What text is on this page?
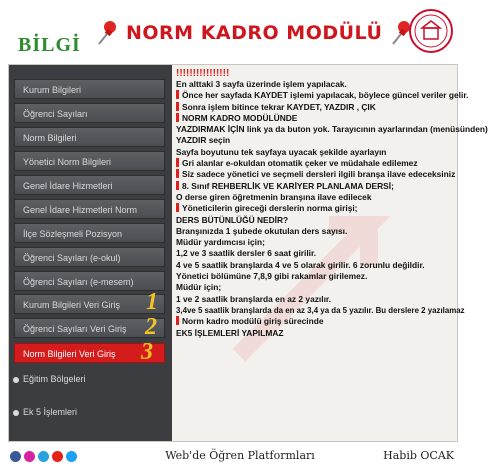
BİLGİ
NORM KADRO MODÜLÜ
Kurum Bilgileri
Öğrenci Sayıları
Norm Bilgileri
Yönetici Norm Bilgileri
Genel İdare Hizmetleri
Genel İdare Hizmetleri Norm
İlçe Sözleşmeli Pozisyon
Öğrenci Sayıları (e-okul)
Öğrenci Sayıları (e-mesem)
Kurum Bilgileri Veri Giriş
Öğrenci Sayıları Veri Giriş
Norm Bilgileri Veri Giriş
Eğitim Bölgeleri
Ek 5 İşlemleri
1
2
3
!!!!!!!!!!!!!!!!
En alttaki 3 sayfa üzerinde işlem yapılacak.
Önce her sayfada KAYDET işlemi yapılacak, böylece güncel veriler gelir.
Sonra işlem bitince tekrar KAYDET, YAZDIR , ÇIK
NORM KADRO MODÜLÜNDE
YAZDIRMAK İÇİN link ya da buton yok. Tarayıcının ayarlarından (menüsünden)
YAZDIR seçin
Sayfa boyutunu tek sayfaya uyacak şekilde ayarlayın
Gri alanlar e-okuldan otomatik çeker ve müdahale edilemez
Siz sadece yönetici ve seçmeli dersleri ilgili branşa ilave edeceksiniz
8. Sınıf REHBERLİK VE KARİYER PLANLAMA DERSİ;
O derse giren öğretmenin branşına ilave edilecek
Yöneticilerin gireceği derslerin norma girişi;
DERS BÜTÜNLÜĞÜ NEDİR?
Branşınızda 1 şubede okutulan ders sayısı.
Müdür yardımcısı için;
1,2 ve 3 saatlik dersler 6 saat girilir.
4 ve 5 saatlik branşlarda 4 ve 5 olarak girilir. 6 zorunlu değildir.
Yönetici bölümüne 7,8,9 gibi rakamlar girilemez.
Müdür için;
1 ve 2 saatlik branşlarda en az 2 yazılır.
3,4ve 5 saatlik branşlarda da en az 3,4 ya da 5 yazılır. Bu derslere 2 yazılamaz
Norm kadro modülü giriş sürecinde
EK5 İŞLEMLERİ YAPILMAZ
Web'de Öğren Platformları	Habib OCAK
